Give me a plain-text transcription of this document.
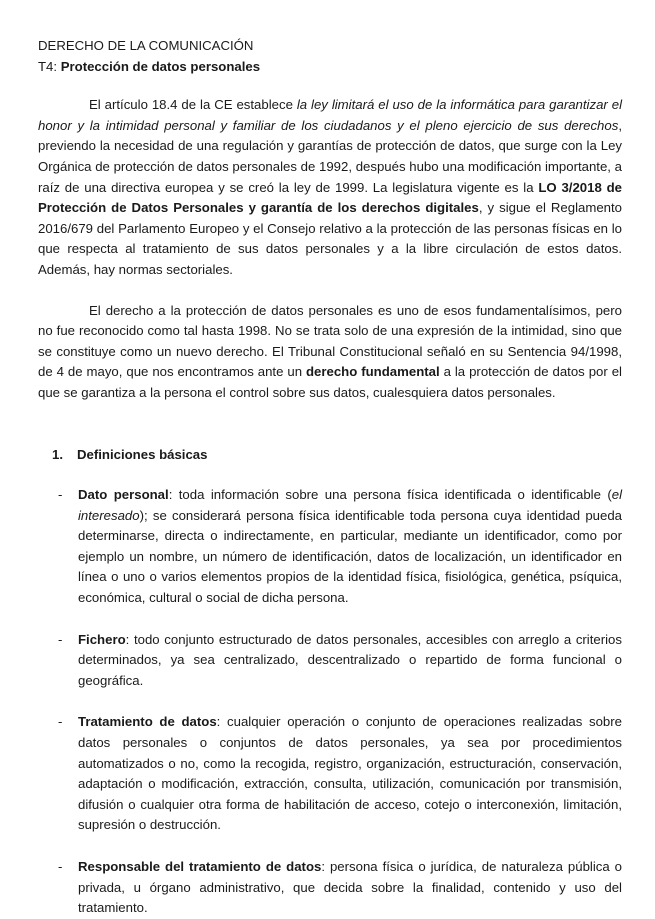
DERECHO DE LA COMUNICACIÓN

T4: Protección de datos personales

El artículo 18.4 de la CE establece la ley limitará el uso de la informática para garantizar el honor y la intimidad personal y familiar de los ciudadanos y el pleno ejercicio de sus derechos, previendo la necesidad de una regulación y garantías de protección de datos, que surge con la Ley Orgánica de protección de datos personales de 1992, después hubo una modificación importante, a raíz de una directiva europea y se creó la ley de 1999. La legislatura vigente es la LO 3/2018 de Protección de Datos Personales y garantía de los derechos digitales, y sigue el Reglamento 2016/679 del Parlamento Europeo y el Consejo relativo a la protección de las personas físicas en lo que respecta al tratamiento de sus datos personales y a la libre circulación de estos datos. Además, hay normas sectoriales.

El derecho a la protección de datos personales es uno de esos fundamentalísimos, pero no fue reconocido como tal hasta 1998. No se trata solo de una expresión de la intimidad, sino que se constituye como un nuevo derecho. El Tribunal Constitucional señaló en su Sentencia 94/1998, de 4 de mayo, que nos encontramos ante un derecho fundamental a la protección de datos por el que se garantiza a la persona el control sobre sus datos, cualesquiera datos personales.

1. Definiciones básicas

- Dato personal: toda información sobre una persona física identificada o identificable (el interesado); se considerará persona física identificable toda persona cuya identidad pueda determinarse, directa o indirectamente, en particular, mediante un identificador, como por ejemplo un nombre, un número de identificación, datos de localización, un identificador en línea o uno o varios elementos propios de la identidad física, fisiológica, genética, psíquica, económica, cultural o social de dicha persona.

- Fichero: todo conjunto estructurado de datos personales, accesibles con arreglo a criterios determinados, ya sea centralizado, descentralizado o repartido de forma funcional o geográfica.

- Tratamiento de datos: cualquier operación o conjunto de operaciones realizadas sobre datos personales o conjuntos de datos personales, ya sea por procedimientos automatizados o no, como la recogida, registro, organización, estructuración, conservación, adaptación o modificación, extracción, consulta, utilización, comunicación por transmisión, difusión o cualquier otra forma de habilitación de acceso, cotejo o interconexión, limitación, supresión o destrucción.

- Responsable del tratamiento de datos: persona física o jurídica, de naturaleza pública o privada, u órgano administrativo, que decida sobre la finalidad, contenido y uso del tratamiento.
